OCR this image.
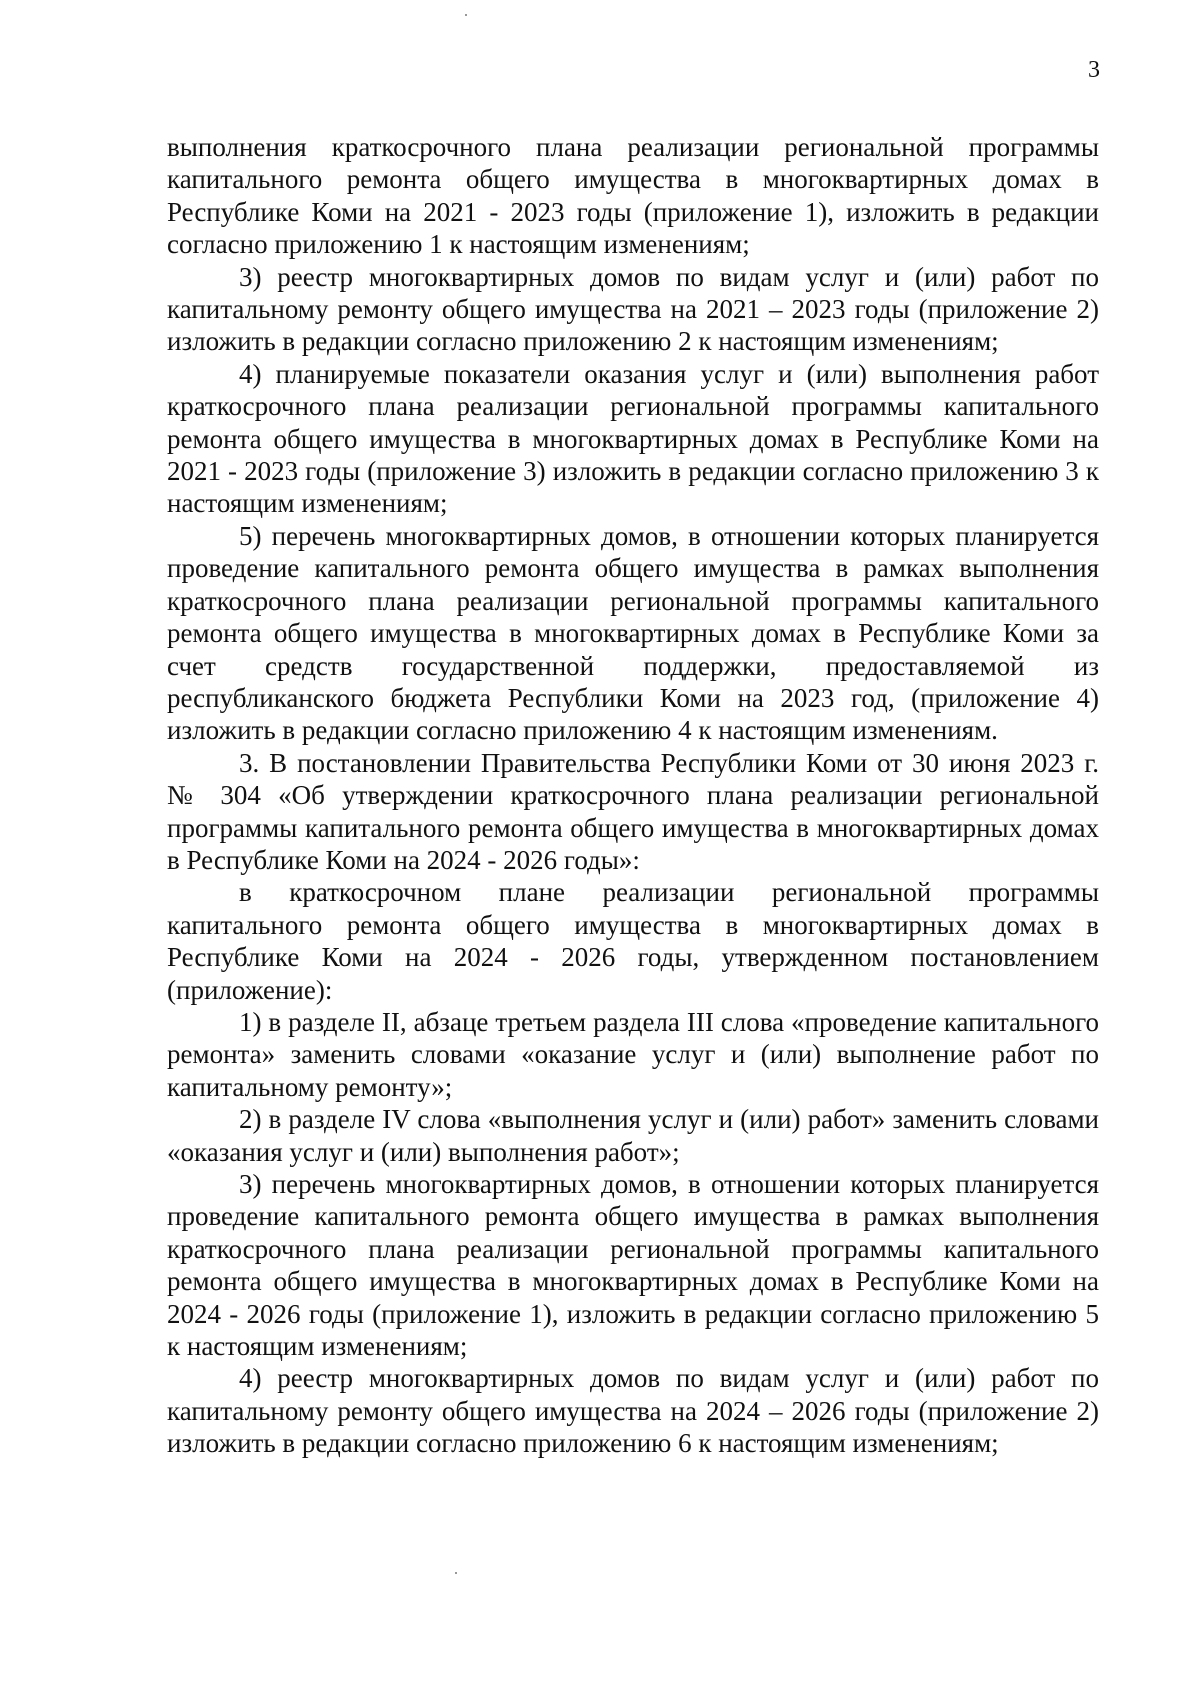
3

выполнения краткосрочного плана реализации региональной программы капитального ремонта общего имущества в многоквартирных домах в Республике Коми на 2021 - 2023 годы (приложение 1), изложить в редакции согласно приложению 1 к настоящим изменениям;

3) реестр многоквартирных домов по видам услуг и (или) работ по капитальному ремонту общего имущества на 2021 – 2023 годы (приложение 2) изложить в редакции согласно приложению 2 к настоящим изменениям;

4) планируемые показатели оказания услуг и (или) выполнения работ краткосрочного плана реализации региональной программы капитального ремонта общего имущества в многоквартирных домах в Республике Коми на 2021 - 2023 годы (приложение 3) изложить в редакции согласно приложению 3 к настоящим изменениям;

5) перечень многоквартирных домов, в отношении которых планируется проведение капитального ремонта общего имущества в рамках выполнения краткосрочного плана реализации региональной программы капитального ремонта общего имущества в многоквартирных домах в Республике Коми за счет средств государственной поддержки, предоставляемой из республиканского бюджета Республики Коми на 2023 год, (приложение 4) изложить в редакции согласно приложению 4 к настоящим изменениям.

3. В постановлении Правительства Республики Коми от 30 июня 2023 г. № 304 «Об утверждении краткосрочного плана реализации региональной программы капитального ремонта общего имущества в многоквартирных домах в Республике Коми на 2024 - 2026 годы»:

в краткосрочном плане реализации региональной программы капитального ремонта общего имущества в многоквартирных домах в Республике Коми на 2024 - 2026 годы, утвержденном постановлением (приложение):

1) в разделе II, абзаце третьем раздела III слова «проведение капитального ремонта» заменить словами «оказание услуг и (или) выполнение работ по капитальному ремонту»;

2) в разделе IV слова «выполнения услуг и (или) работ» заменить словами «оказания услуг и (или) выполнения работ»;

3) перечень многоквартирных домов, в отношении которых планируется проведение капитального ремонта общего имущества в рамках выполнения краткосрочного плана реализации региональной программы капитального ремонта общего имущества в многоквартирных домах в Республике Коми на 2024 - 2026 годы (приложение 1), изложить в редакции согласно приложению 5 к настоящим изменениям;

4) реестр многоквартирных домов по видам услуг и (или) работ по капитальному ремонту общего имущества на 2024 – 2026 годы (приложение 2) изложить в редакции согласно приложению 6 к настоящим изменениям;
